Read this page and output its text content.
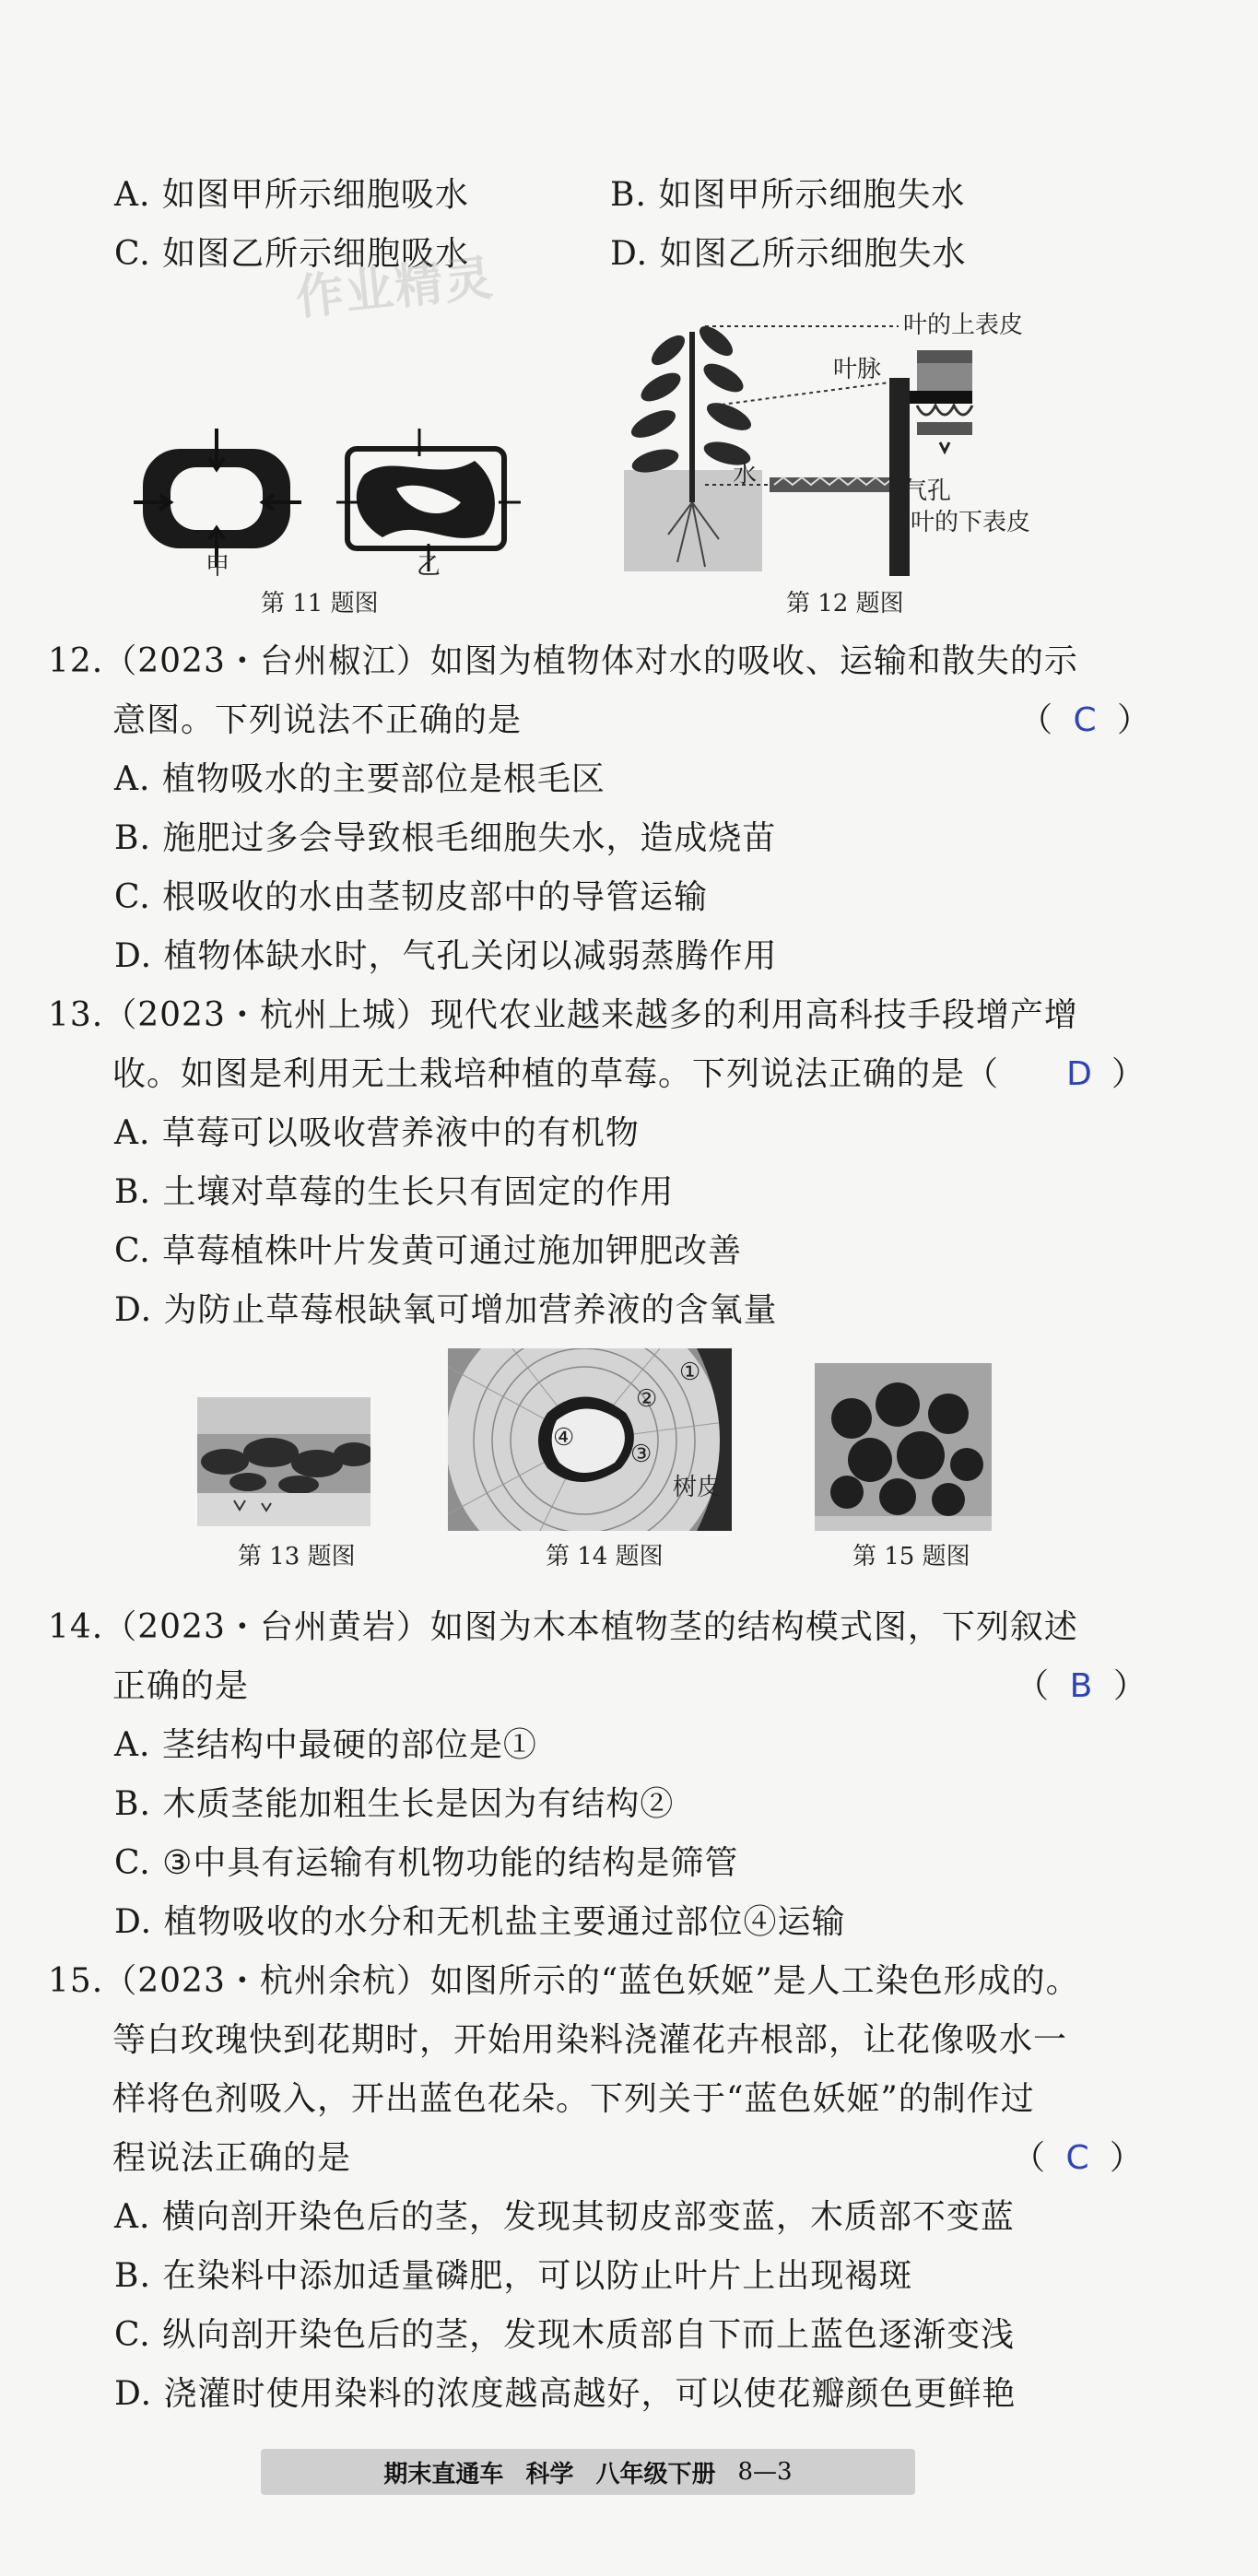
A. 如图甲所示细胞吸水	B. 如图甲所示细胞失水
C. 如图乙所示细胞吸水	D. 如图乙所示细胞失水
作业精灵
甲	乙
第 11 题图
叶的上表皮
叶脉
水
气孔
叶的下表皮
第 12 题图
12.（2023・台州椒江）如图为植物体对水的吸收、运输和散失的示
意图。下列说法不正确的是	（ C ）
A. 植物吸水的主要部位是根毛区
B. 施肥过多会导致根毛细胞失水，造成烧苗
C. 根吸收的水由茎韧皮部中的导管运输
D. 植物体缺水时，气孔关闭以减弱蒸腾作用
13.（2023・杭州上城）现代农业越来越多的利用高科技手段增产增
收。如图是利用无土栽培种植的草莓。下列说法正确的是（	D ）
A. 草莓可以吸收营养液中的有机物
B. 土壤对草莓的生长只有固定的作用
C. 草莓植株叶片发黄可通过施加钾肥改善
D. 为防止草莓根缺氧可增加营养液的含氧量
第 13 题图
①
②
③
④
树皮
第 14 题图	第 15 题图
14.（2023・台州黄岩）如图为木本植物茎的结构模式图，下列叙述
正确的是	（ B ）
A. 茎结构中最硬的部位是①
B. 木质茎能加粗生长是因为有结构②
C. ③中具有运输有机物功能的结构是筛管
D. 植物吸收的水分和无机盐主要通过部位④运输
15.（2023・杭州余杭）如图所示的“蓝色妖姬”是人工染色形成的。
等白玫瑰快到花期时，开始用染料浇灌花卉根部，让花像吸水一
样将色剂吸入，开出蓝色花朵。下列关于“蓝色妖姬”的制作过
程说法正确的是	（ C ）
A. 横向剖开染色后的茎，发现其韧皮部变蓝，木质部不变蓝
B. 在染料中添加适量磷肥，可以防止叶片上出现褐斑
C. 纵向剖开染色后的茎，发现木质部自下而上蓝色逐渐变浅
D. 浇灌时使用染料的浓度越高越好，可以使花瓣颜色更鲜艳
期末直通车 科学 八年级下册 8—3
